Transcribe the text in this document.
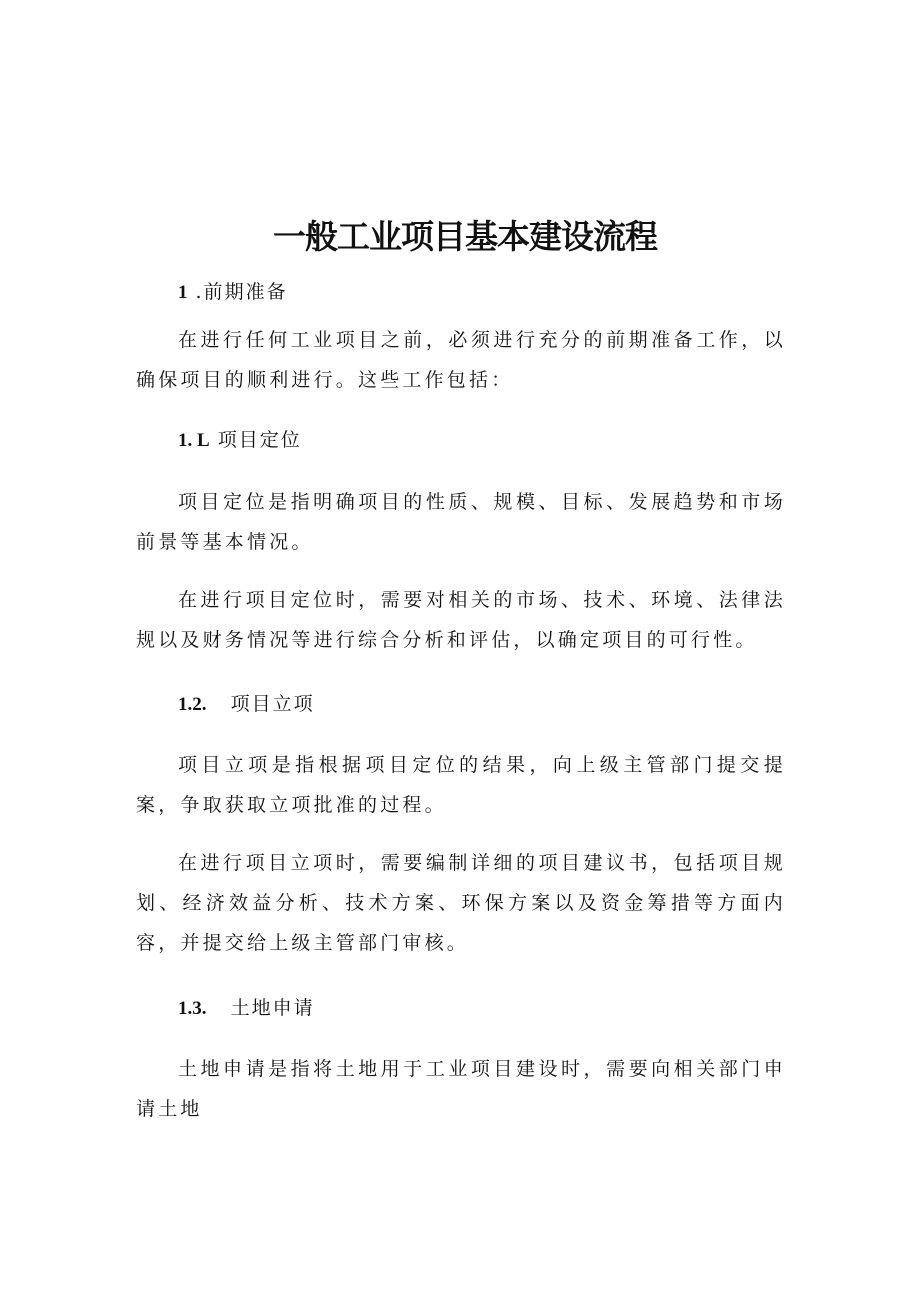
一般工业项目基本建设流程
1 .前期准备

在进行任何工业项目之前，必须进行充分的前期准备工作，以确保项目的顺利进行。这些工作包括：

1. L 项目定位

项目定位是指明确项目的性质、规模、目标、发展趋势和市场前景等基本情况。

在进行项目定位时，需要对相关的市场、技术、环境、法律法规以及财务情况等进行综合分析和评估，以确定项目的可行性。

1.2.   项目立项

项目立项是指根据项目定位的结果，向上级主管部门提交提案，争取获取立项批准的过程。

在进行项目立项时，需要编制详细的项目建议书，包括项目规划、经济效益分析、技术方案、环保方案以及资金筹措等方面内容，并提交给上级主管部门审核。

1.3.   土地申请

土地申请是指将土地用于工业项目建设时，需要向相关部门申请土地
